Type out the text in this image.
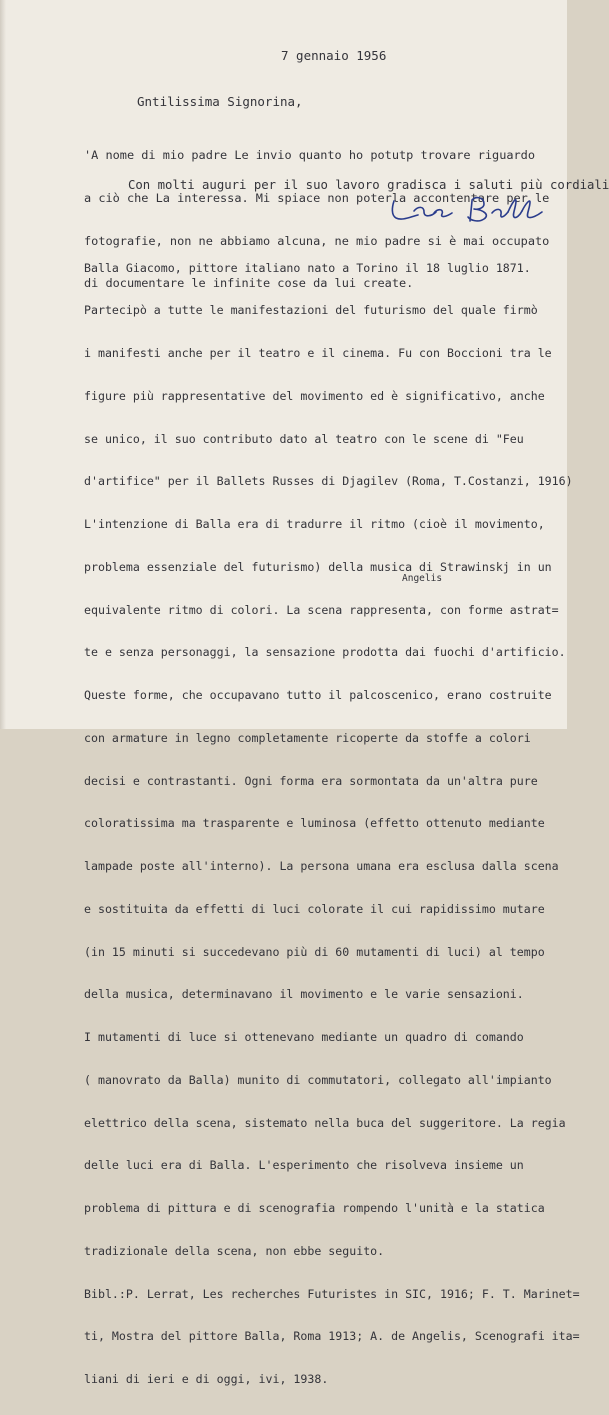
7 gennaio 1956
Gntilissima Signorina,

'A nome di mio padre Le invio quanto ho potutp trovare riguardo

a ciò che La interessa. Mi spiace non poterla accontentare per le

fotografie, non ne abbiamo alcuna, ne mio padre si è mai occupato

di documentare le infinite cose da lui create.

Con molti auguri per il suo lavoro gradisca i saluti più cordiali

Balla Giacomo, pittore italiano nato a Torino il 18 luglio 1871.

Partecipò a tutte le manifestazioni del futurismo del quale firmò

i manifesti anche per il teatro e il cinema. Fu con Boccioni tra le

figure più rappresentative del movimento ed è significativo, anche

se unico, il suo contributo dato al teatro con le scene di "Feu

d'artifice" per il Ballets Russes di Djagilev (Roma, T.Costanzi, 1916)

L'intenzione di Balla era di tradurre il ritmo (cioè il movimento,

problema essenziale del futurismo) della musica di Strawinskj in un

equivalente ritmo di colori. La scena rappresenta, con forme astrat=

te e senza personaggi, la sensazione prodotta dai fuochi d'artificio.

Queste forme, che occupavano tutto il palcoscenico, erano costruite

con armature in legno completamente ricoperte da stoffe a colori

decisi e contrastanti. Ogni forma era sormontata da un'altra pure

coloratissima ma trasparente e luminosa (effetto ottenuto mediante

lampade poste all'interno). La persona umana era esclusa dalla scena

e sostituita da effetti di luci colorate il cui rapidissimo mutare

(in 15 minuti si succedevano più di 60 mutamenti di luci) al tempo

della musica, determinavano il movimento e le varie sensazioni.

I mutamenti di luce si ottenevano mediante un quadro di comando

( manovrato da Balla) munito di commutatori, collegato all'impianto

elettrico della scena, sistemato nella buca del suggeritore. La regia

delle luci era di Balla. L'esperimento che risolveva insieme un

problema di pittura e di scenografia rompendo l'unità e la statica

tradizionale della scena, non ebbe seguito.

Bibl.:P. Lerrat, Les recherches Futuristes in SIC, 1916; F. T. Marinet=

ti, Mostra del pittore Balla, Roma 1913; A. de Angelis, Scenografi ita=

liani di ieri e di oggi, ivi, 1938.

Angelis
